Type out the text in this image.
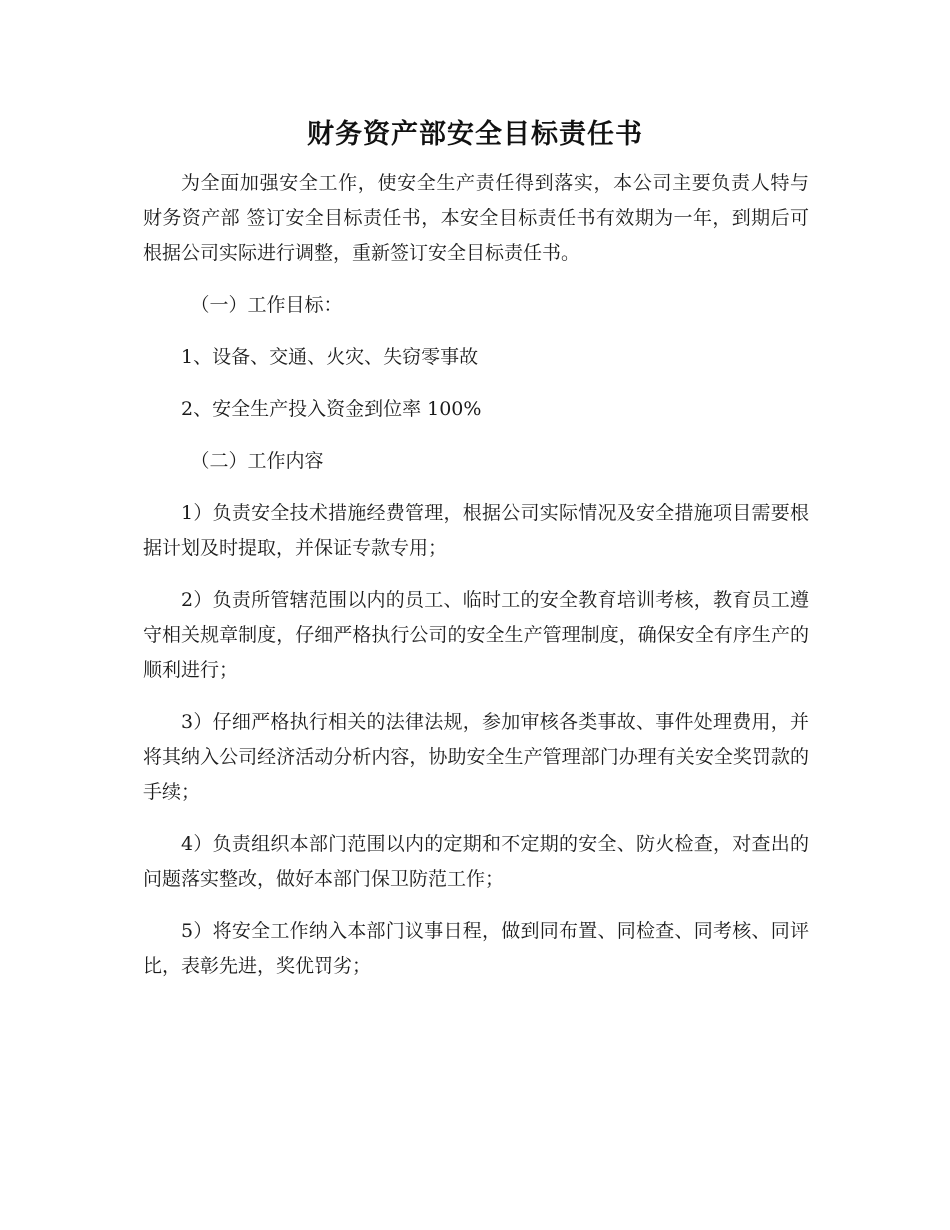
财务资产部安全目标责任书

为全面加强安全工作，使安全生产责任得到落实，本公司主要负责人特与 财务资产部 签订安全目标责任书，本安全目标责任书有效期为一年，到期后可根据公司实际进行调整，重新签订安全目标责任书。

（一）工作目标：

1、设备、交通、火灾、失窃零事故

2、安全生产投入资金到位率 100%

（二）工作内容

1）负责安全技术措施经费管理，根据公司实际情况及安全措施项目需要根据计划及时提取，并保证专款专用；

2）负责所管辖范围以内的员工、临时工的安全教育培训考核，教育员工遵守相关规章制度，仔细严格执行公司的安全生产管理制度，确保安全有序生产的顺利进行；

3）仔细严格执行相关的法律法规，参加审核各类事故、事件处理费用，并将其纳入公司经济活动分析内容，协助安全生产管理部门办理有关安全奖罚款的手续；

4）负责组织本部门范围以内的定期和不定期的安全、防火检查，对查出的问题落实整改，做好本部门保卫防范工作；

5）将安全工作纳入本部门议事日程，做到同布置、同检查、同考核、同评比，表彰先进，奖优罚劣；
